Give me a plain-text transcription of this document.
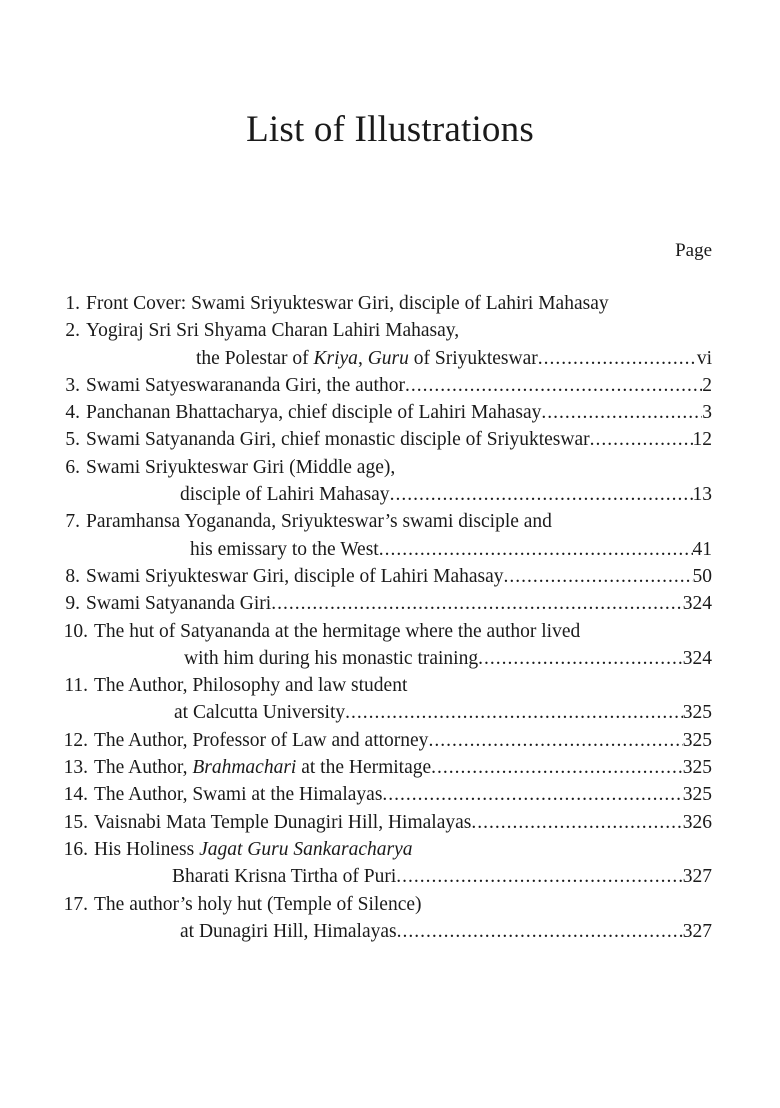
List of Illustrations
Page
1. Front Cover: Swami Sriyukteswar Giri, disciple of Lahiri Mahasay
2. Yogiraj Sri Sri Shyama Charan Lahiri Mahasay,
the Polestar of Kriya, Guru of Sriyukteswar .....	vi
3. Swami Satyeswarananda Giri, the author .....	2
4. Panchanan Bhattacharya, chief disciple of Lahiri Mahasay .....	3
5. Swami Satyananda Giri, chief monastic disciple of Sriyukteswar .....	12
6. Swami Sriyukteswar Giri (Middle age),
disciple of Lahiri Mahasay .....	13
7. Paramhansa Yogananda, Sriyukteswar’s swami disciple and
his emissary to the West .....	41
8. Swami Sriyukteswar Giri, disciple of Lahiri Mahasay .....	50
9. Swami Satyananda Giri .....	324
10. The hut of Satyananda at the hermitage where the author lived
with him during his monastic training .....	324
11. The Author, Philosophy and law student
at Calcutta University .....	325
12. The Author, Professor of Law and attorney .....	325
13. The Author, Brahmachari at the Hermitage .....	325
14. The Author, Swami at the Himalayas .....	325
15. Vaisnabi Mata Temple Dunagiri Hill, Himalayas .....	326
16. His Holiness Jagat Guru Sankaracharya
Bharati Krisna Tirtha of Puri .....	327
17. The author’s holy hut (Temple of Silence)
at Dunagiri Hill, Himalayas .....	327
